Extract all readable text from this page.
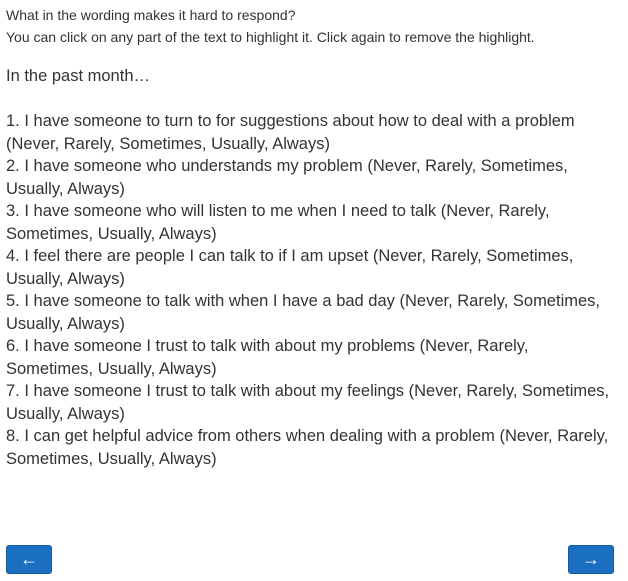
What in the wording makes it hard to respond?
You can click on any part of the text to highlight it. Click again to remove the highlight.

In the past month…

1. I have someone to turn to for suggestions about how to deal with a problem (Never, Rarely, Sometimes, Usually, Always)

2. I have someone who understands my problem (Never, Rarely, Sometimes, Usually, Always)

3. I have someone who will listen to me when I need to talk (Never, Rarely, Sometimes, Usually, Always)

4. I feel there are people I can talk to if I am upset (Never, Rarely, Sometimes, Usually, Always)

5. I have someone to talk with when I have a bad day (Never, Rarely, Sometimes, Usually, Always)

6. I have someone I trust to talk with about my problems (Never, Rarely, Sometimes, Usually, Always)

7. I have someone I trust to talk with about my feelings (Never, Rarely, Sometimes, Usually, Always)

8. I can get helpful advice from others when dealing with a problem (Never, Rarely, Sometimes, Usually, Always)

←	→
